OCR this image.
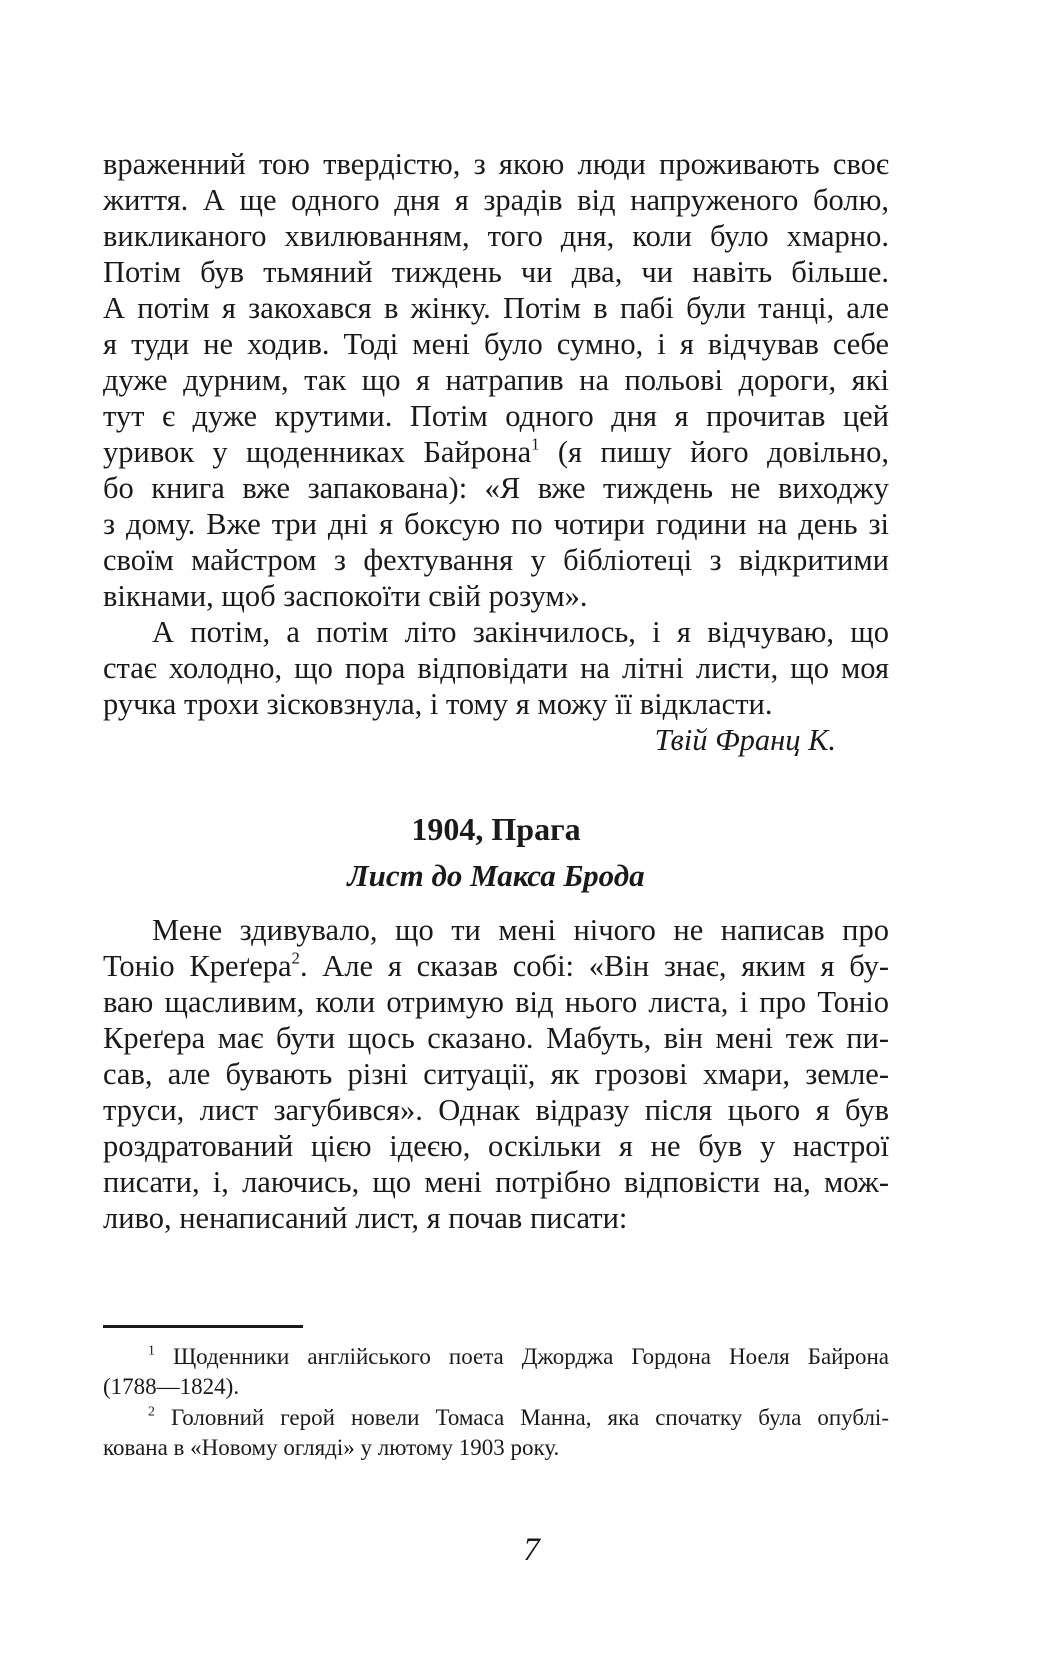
враженний тою твердістю, з якою люди проживають своє
життя. А ще одного дня я зрадів від напруженого болю,
викликаного хвилюванням, того дня, коли було хмарно.
Потім був тьмяний тиждень чи два, чи навіть більше.
А потім я закохався в жінку. Потім в пабі були танці, але
я туди не ходив. Тоді мені було сумно, і я відчував себе
дуже дурним, так що я натрапив на польові дороги, які
тут є дуже крутими. Потім одного дня я прочитав цей
уривок у щоденниках Байрона$^1$ (я пишу його довільно,
бо книга вже запакована): «Я вже тиждень не виходжу
з дому. Вже три дні я боксую по чотири години на день зі
своїм майстром з фехтування у бібліотеці з відкритими
вікнами, щоб заспокоїти свій розум».
А потім, а потім літо закінчилось, і я відчуваю, що
стає холодно, що пора відповідати на літні листи, що моя
ручка трохи зісковзнула, і тому я можу її відкласти.
Твій Франц К.
1904, Прага
Лист до Макса Брода
Мене здивувало, що ти мені нічого не написав про
Тоніо Креґера$^2$. Але я сказав собі: «Він знає, яким я бу-
ваю щасливим, коли отримую від нього листа, і про Тоніо
Креґера має бути щось сказано. Мабуть, він мені теж пи-
сав, але бувають різні ситуації, як грозові хмари, земле-
труси, лист загубився». Однак відразу після цього я був
роздратований цією ідеєю, оскільки я не був у настрої
писати, і, лаючись, що мені потрібно відповісти на, мож-
ливо, ненаписаний лист, я почав писати:
$^1$ Щоденники англійського поета Джорджа Гордона Ноеля Байрона
(1788—1824).
$^2$ Головний герой новели Томаса Манна, яка спочатку була опублі-
кована в «Новому огляді» у лютому 1903 року.
7
